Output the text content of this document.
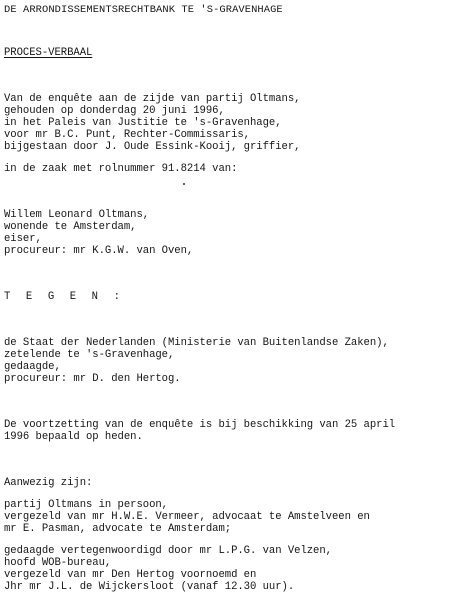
DE ARRONDISSEMENTSRECHTBANK TE 'S-GRAVENHAGE
PROCES-VERBAAL
Van de enquête aan de zijde van partij Oltmans,
gehouden op donderdag 20 juni 1996,
in het Paleis van Justitie te 's-Gravenhage,
voor mr B.C. Punt, Rechter-Commissaris,
bijgestaan door J. Oude Essink-Kooij, griffier,
in de zaak met rolnummer 91.8214 van:
Willem Leonard Oltmans,
wonende te Amsterdam,
eiser,
procureur: mr K.G.W. van Oven,
T E G E N :
de Staat der Nederlanden (Ministerie van Buitenlandse Zaken),
zetelende te 's-Gravenhage,
gedaagde,
procureur: mr D. den Hertog.
De voortzetting van de enquête is bij beschikking van 25 april
1996 bepaald op heden.
Aanwezig zijn:
partij Oltmans in persoon,
vergezeld van mr H.W.E. Vermeer, advocaat te Amstelveen en
mr E. Pasman, advocate te Amsterdam;
gedaagde vertegenwoordigd door mr L.P.G. van Velzen,
hoofd WOB-bureau,
vergezeld van mr Den Hertog voornoemd en
Jhr mr J.L. de Wijckersloot (vanaf 12.30 uur).
